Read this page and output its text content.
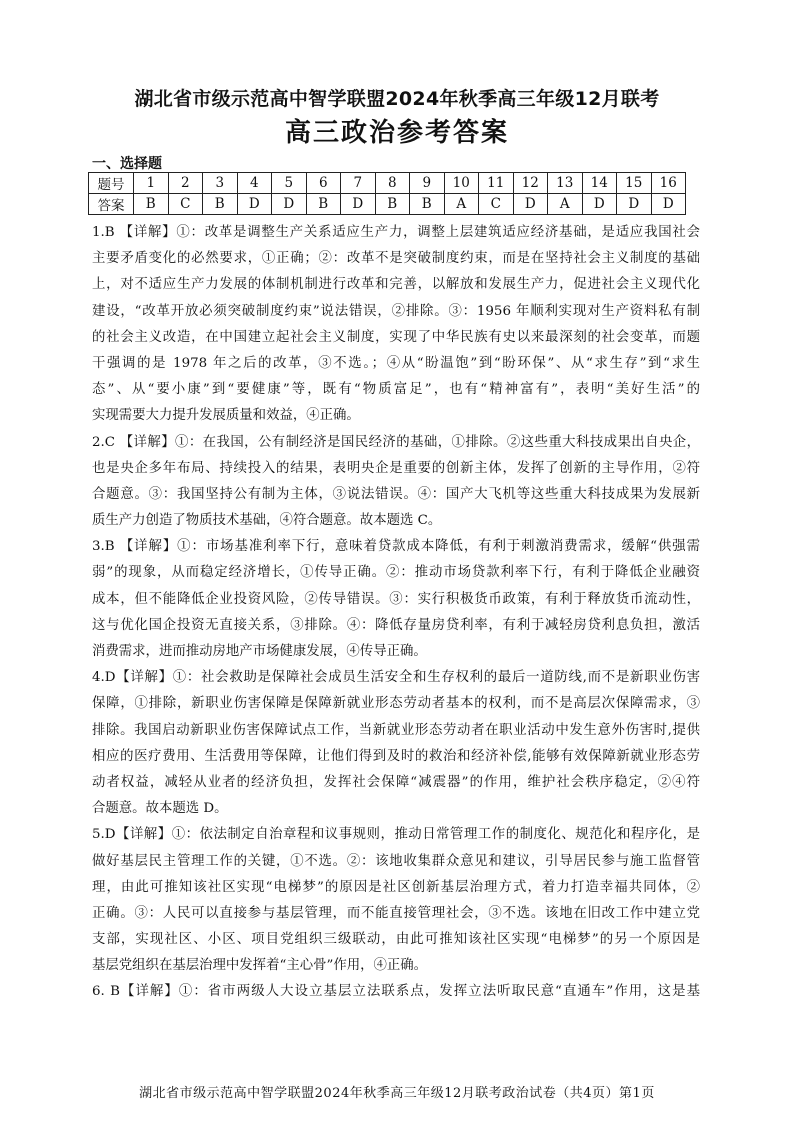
湖北省市级示范高中智学联盟2024年秋季高三年级12月联考
高三政治参考答案
一、选择题
题号	1	2	3	4	5	6	7	8	9	10	11	12	13	14	15	16
答案	B	C	B	D	D	B	D	B	B	A	C	D	A	D	D	D
1.B 【详解】①：改革是调整生产关系适应生产力，调整上层建筑适应经济基础，是适应我国社会
主要矛盾变化的必然要求，①正确；②：改革不是突破制度约束，而是在坚持社会主义制度的基础
上，对不适应生产力发展的体制机制进行改革和完善，以解放和发展生产力，促进社会主义现代化
建设，“改革开放必须突破制度约束”说法错误，②排除。③：1956 年顺利实现对生产资料私有制
的社会主义改造，在中国建立起社会主义制度，实现了中华民族有史以来最深刻的社会变革，而题
干强调的是 1978 年之后的改革，③不选。；④从“盼温饱”到“盼环保”、从“求生存”到“求生
态”、从“要小康”到“要健康”等，既有“物质富足”，也有“精神富有”，表明“美好生活”的
实现需要大力提升发展质量和效益，④正确。
2.C 【详解】①：在我国，公有制经济是国民经济的基础，①排除。②这些重大科技成果出自央企，
也是央企多年布局、持续投入的结果，表明央企是重要的创新主体，发挥了创新的主导作用，②符
合题意。③：我国坚持公有制为主体，③说法错误。④：国产大飞机等这些重大科技成果为发展新
质生产力创造了物质技术基础，④符合题意。故本题选 C。
3.B 【详解】①：市场基准利率下行，意味着贷款成本降低，有利于刺激消费需求，缓解“供强需
弱”的现象，从而稳定经济增长，①传导正确。②：推动市场贷款利率下行，有利于降低企业融资
成本，但不能降低企业投资风险，②传导错误。③：实行积极货币政策，有利于释放货币流动性，
这与优化国企投资无直接关系，③排除。④：降低存量房贷利率，有利于减轻房贷利息负担，激活
消费需求，进而推动房地产市场健康发展，④传导正确。
4.D【详解】①：社会救助是保障社会成员生活安全和生存权利的最后一道防线,而不是新职业伤害
保障，①排除，新职业伤害保障是保障新就业形态劳动者基本的权利，而不是高层次保障需求，③
排除。我国启动新职业伤害保障试点工作，当新就业形态劳动者在职业活动中发生意外伤害时,提供
相应的医疗费用、生活费用等保障，让他们得到及时的救治和经济补偿,能够有效保障新就业形态劳
动者权益，减轻从业者的经济负担，发挥社会保障“减震器”的作用，维护社会秩序稳定，②④符
合题意。故本题选 D。
5.D【详解】①：依法制定自治章程和议事规则，推动日常管理工作的制度化、规范化和程序化，是
做好基层民主管理工作的关键，①不选。②：该地收集群众意见和建议，引导居民参与施工监督管
理，由此可推知该社区实现“电梯梦”的原因是社区创新基层治理方式，着力打造幸福共同体，②
正确。③：人民可以直接参与基层管理，而不能直接管理社会，③不选。该地在旧改工作中建立党
支部，实现社区、小区、项目党组织三级联动，由此可推知该社区实现“电梯梦”的另一个原因是
基层党组织在基层治理中发挥着“主心骨”作用，④正确。
6. B【详解】①：省市两级人大设立基层立法联系点，发挥立法听取民意“直通车”作用，这是基
湖北省市级示范高中智学联盟2024年秋季高三年级12月联考政治试卷（共4页）第1页
